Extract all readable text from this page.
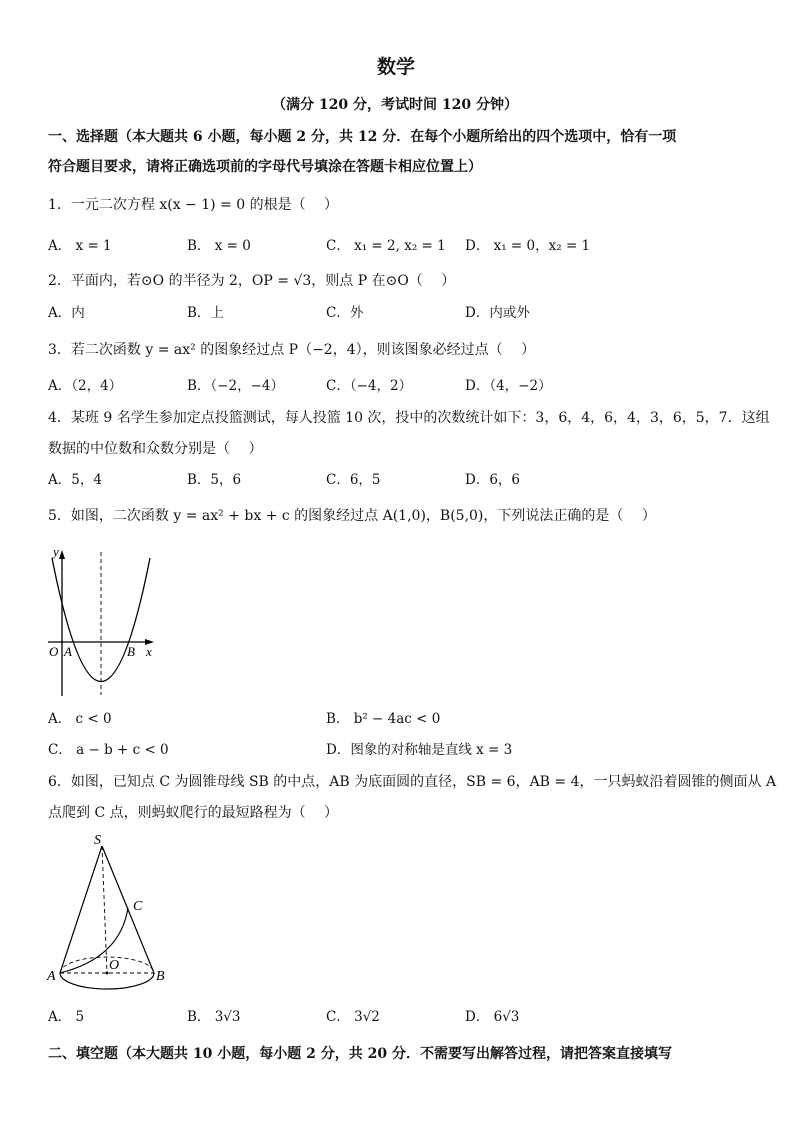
数学
（满分 120 分，考试时间 120 分钟）
一、选择题（本大题共 6 小题，每小题 2 分，共 12 分．在每个小题所给出的四个选项中，恰有一项
符合题目要求，请将正确选项前的字母代号填涂在答题卡相应位置上）
1．一元二次方程 x(x − 1) = 0 的根是（　 ）
A． x = 1	B． x = 0	C． x₁ = 2, x₂ = 1 D． x₁ = 0，x₂ = 1
2．平面内，若⊙O 的半径为 2，OP = √3，则点 P 在⊙O（　 ）
A．内	B．上	C．外	D．内或外
3．若二次函数 y = ax² 的图象经过点 P（−2，4），则该图象必经过点（　 ）
A．（2，4）	B．（−2，−4）	C．（−4，2）	D．（4，−2）
4．某班 9 名学生参加定点投篮测试，每人投篮 10 次，投中的次数统计如下：3，6，4，6，4，3，6，5，7．这组
数据的中位数和众数分别是（　 ）
A．5，4	B．5，6	C．6，5	D．6，6
5．如图，二次函数 y = ax² + bx + c 的图象经过点 A(1,0)，B(5,0)，下列说法正确的是（　 ）
y
x
O A	B
A． c < 0	B． b² − 4ac < 0
C． a − b + c < 0	D．图象的对称轴是直线 x = 3
6．如图，已知点 C 为圆锥母线 SB 的中点，AB 为底面圆的直径，SB = 6，AB = 4，一只蚂蚁沿着圆锥的侧面从 A
点爬到 C 点，则蚂蚁爬行的最短路程为（　 ）
S
C
O
A	B
A． 5	B． 3√3	C． 3√2	D． 6√3
二、填空题（本大题共 10 小题，每小题 2 分，共 20 分．不需要写出解答过程，请把答案直接填写
